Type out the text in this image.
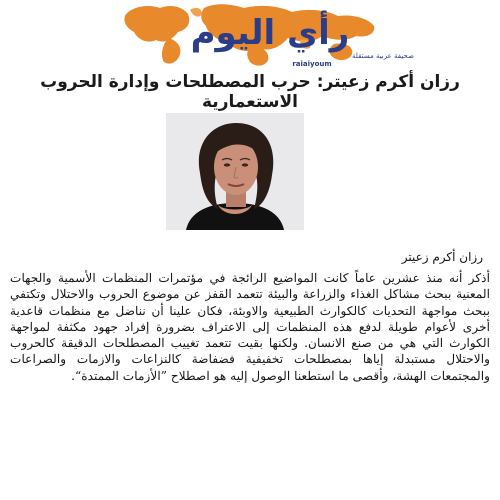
رأي اليوم
صحيفة عربية مستقلة
raiaiyoum
رزان أكرم زعيتر: حرب المصطلحات وإدارة الحروب الاستعمارية
رزان أكرم زعيتر
أذكر أنه منذ عشرين عاماً كانت المواضيع الرائجة في مؤتمرات المنظمات الأسمية والجهات المعنية ببحث مشاكل الغذاء والزراعة والبيئة تتعمد القفز عن موضوع الحروب والاحتلال وتكتفي ببحث مواجهة التحديات كالكوارث الطبيعية والاوبئة، فكان علينا أن نناضل مع منظمات قاعدية أخرى لأعوام طويلة لدفع هذه المنظمات إلى الاعتراف بضرورة إفراد جهود مكثفة لمواجهة الكوارث التي هي من صنع الانسان. ولكنها بقيت تتعمد تغييب المصطلحات الدقيقة كالحروب والاحتلال مستبدلة إياها بمصطلحات تخفيفية فضفاضة كالنزاعات والازمات والصراعات والمجتمعات الهشة، وأقصى ما استطعنا الوصول إليه هو اصطلاح ”الأزمات الممتدة“.
